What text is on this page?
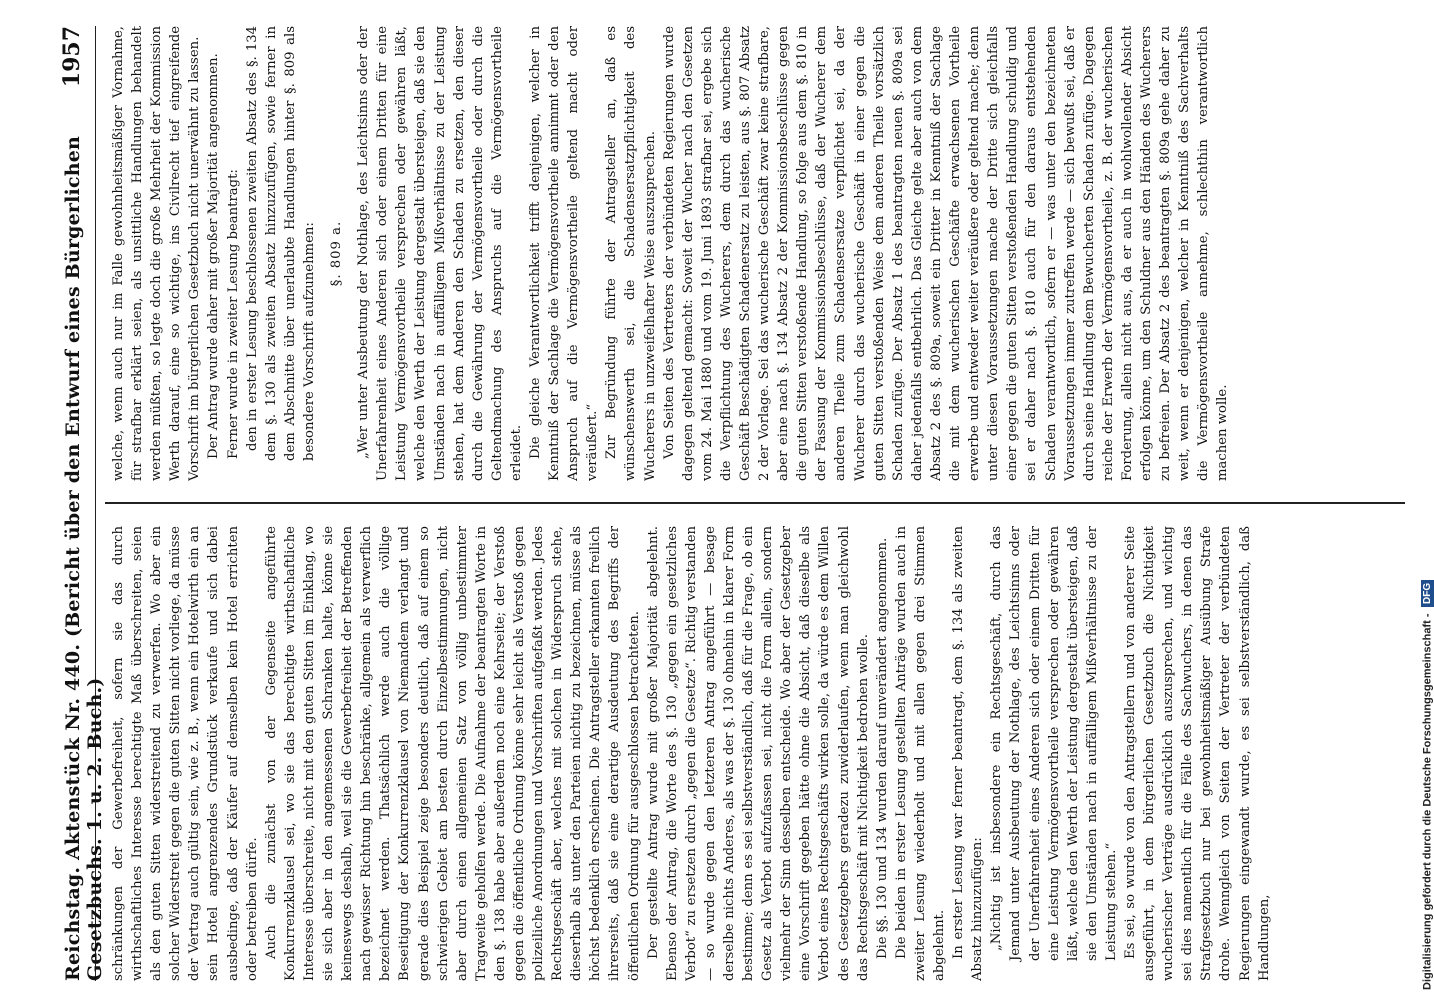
Reichstag. Aktenstück Nr. 440. (Bericht über den Entwurf eines Bürgerlichen Gesetzbuchs. 1. u. 2. Buch.)
1957

schränkungen der Gewerbefreiheit, sofern sie das durch wirthschaftliches Interesse berechtigte Maß überschreiten, seien als den guten Sitten widerstreitend zu verwerfen. Wo aber ein solcher Widerstreit gegen die guten Sitten nicht vorliege, da müsse der Vertrag auch gültig sein, wie z. B., wenn ein Hotelwirth ein an sein Hotel angrenzendes Grundstück verkaufe und sich dabei ausbedinge, daß der Käufer auf demselben kein Hotel errichten oder betreiben dürfe. Auch die zunächst von der Gegenseite angeführte Konkurrenzklausel sei, wo sie das berechtigte wirthschaftliche Interesse überschreite, nicht mit den guten Sitten im Einklang, wo sie sich aber in den angemessenen Schranken halte, könne sie keineswegs deshalb, weil sie die Gewerbefreiheit der Betreffenden nach gewisser Richtung hin beschränke, allgemein als verwerflich bezeichnet werden. Thatsächlich werde auch die völlige Beseitigung der Konkurrenzklausel von Niemandem verlangt und gerade dies Beispiel zeige besonders deutlich, daß auf einem so schwierigen Gebiet am besten durch Einzelbestimmungen, nicht aber durch einen allgemeinen Satz von völlig unbestimmter Tragweite geholfen werde. Die Aufnahme der beantragten Worte in den §. 138 habe aber außerdem noch eine Kehrseite; der Verstoß gegen die öffentliche Ordnung könne sehr leicht als Verstoß gegen polizeiliche Anordnungen und Vorschriften aufgefaßt werden. Jedes Rechtsgeschäft aber, welches mit solchen in Widerspruch stehe, dieserhalb als unter den Parteien nichtig zu bezeichnen, müsse als höchst bedenklich erscheinen. Die Antragsteller erkannten freilich ihrerseits, daß sie eine derartige Ausdeutung des Begriffs der öffentlichen Ordnung für ausgeschlossen betrachteten. Der gestellte Antrag wurde mit großer Majorität abgelehnt. Ebenso der Antrag, die Worte des §. 130 „gegen ein gesetzliches Verbot“ zu ersetzen durch „gegen die Gesetze“. Richtig verstanden — so wurde gegen den letzteren Antrag angeführt — besage derselbe nichts Anderes, als was der §. 130 ohnehin in klarer Form bestimme; denn es sei selbstverständlich, daß für die Frage, ob ein Gesetz als Verbot aufzufassen sei, nicht die Form allein, sondern vielmehr der Sinn desselben entscheide. Wo aber der Gesetzgeber eine Vorschrift gegeben hätte ohne die Absicht, daß dieselbe als Verbot eines Rechtsgeschäfts wirken solle, da würde es dem Willen des Gesetzgebers geradezu zuwiderlaufen, wenn man gleichwohl das Rechtsgeschäft mit Nichtigkeit bedrohen wolle. Die §§. 130 und 134 wurden darauf unverändert angenommen. Die beiden in erster Lesung gestellten Anträge wurden auch in zweiter Lesung wiederholt und mit allen gegen drei Stimmen abgelehnt. In erster Lesung war ferner beantragt, dem §. 134 als zweiten Absatz hinzuzufügen: „Nichtig ist insbesondere ein Rechtsgeschäft, durch das Jemand unter Ausbeutung der Nothlage, des Leichtsinns oder der Unerfahrenheit eines Anderen sich oder einem Dritten für eine Leistung Vermögensvortheile versprechen oder gewähren läßt, welche den Werth der Leistung dergestalt übersteigen, daß sie den Umständen nach in auffälligem Mißverhältnisse zu der Leistung stehen.“ Es sei, so wurde von den Antragstellern und von anderer Seite ausgeführt, in dem bürgerlichen Gesetzbuch die Nichtigkeit wucherischer Verträge ausdrücklich auszusprechen, und wichtig sei dies namentlich für die Fälle des Sachwuchers, in denen das Strafgesetzbuch nur bei gewohnheitsmäßiger Ausübung Strafe drohe. Wenngleich von Seiten der Vertreter der verbündeten Regierungen eingewandt wurde, es sei selbstverständlich, daß Handlungen,

welche, wenn auch nur im Falle gewohnheitsmäßiger Vornahme, für strafbar erklärt seien, als unsittliche Handlungen behandelt werden müßten, so legte doch die große Mehrheit der Kommission Werth darauf, eine so wichtige, ins Civilrecht tief eingreifende Vorschrift im bürgerlichen Gesetzbuch nicht unerwähnt zu lassen. Der Antrag wurde daher mit großer Majorität angenommen. Ferner wurde in zweiter Lesung beantragt: den in erster Lesung beschlossenen zweiten Absatz des §. 134 dem §. 130 als zweiten Absatz hinzuzufügen, sowie ferner in dem Abschnitte über unerlaubte Handlungen hinter §. 809 als besondere Vorschrift aufzunehmen: §. 809 a. „Wer unter Ausbeutung der Nothlage, des Leichtsinns oder der Unerfahrenheit eines Anderen sich oder einem Dritten für eine Leistung Vermögensvortheile versprechen oder gewähren läßt, welche den Werth der Leistung dergestalt übersteigen, daß sie den Umständen nach in auffälligem Mißverhältnisse zu der Leistung stehen, hat dem Anderen den Schaden zu ersetzen, den dieser durch die Gewährung der Vermögensvortheile oder durch die Geltendmachung des Anspruchs auf die Vermögensvortheile erleidet. Die gleiche Verantwortlichkeit trifft denjenigen, welcher in Kenntniß der Sachlage die Vermögensvortheile annimmt oder den Anspruch auf die Vermögensvortheile geltend macht oder veräußert.“ Zur Begründung führte der Antragsteller an, daß es wünschenswerth sei, die Schadensersatzpflichtigkeit des Wucherers in unzweifelhafter Weise auszusprechen. Von Seiten des Vertreters der verbündeten Regierungen wurde dagegen geltend gemacht: Soweit der Wucher nach den Gesetzen vom 24. Mai 1880 und vom 19. Juni 1893 strafbar sei, ergebe sich die Verpflichtung des Wucherers, dem durch das wucherische Geschäft Beschädigten Schadenersatz zu leisten, aus §. 807 Absatz 2 der Vorlage. Sei das wucherische Geschäft zwar keine strafbare, aber eine nach §. 134 Absatz 2 der Kommissionsbeschlüsse gegen die guten Sitten verstoßende Handlung, so folge aus dem §. 810 in der Fassung der Kommissionsbeschlüsse, daß der Wucherer dem anderen Theile zum Schadensersatze verpflichtet sei, da der Wucherer durch das wucherische Geschäft in einer gegen die guten Sitten verstoßenden Weise dem anderen Theile vorsätzlich Schaden zufüge. Der Absatz 1 des beantragten neuen §. 809a sei daher jedenfalls entbehrlich. Das Gleiche gelte aber auch von dem Absatz 2 des §. 809a, soweit ein Dritter in Kenntniß der Sachlage die mit dem wucherischen Geschäfte erwachsenen Vortheile erwerbe und entweder weiter veräußere oder geltend mache; denn unter diesen Voraussetzungen mache der Dritte sich gleichfalls einer gegen die guten Sitten verstoßenden Handlung schuldig und sei er daher nach §. 810 auch für den daraus entstehenden Schaden verantwortlich, sofern er — was unter den bezeichneten Voraussetzungen immer zutreffen werde — sich bewußt sei, daß er durch seine Handlung dem Bewucherten Schaden zufüge. Dagegen reiche der Erwerb der Vermögensvortheile, z. B. der wucherischen Forderung, allein nicht aus, da er auch in wohlwollender Absicht erfolgen könne, um den Schuldner aus den Händen des Wucherers zu befreien. Der Absatz 2 des beantragten §. 809a gehe daher zu weit, wenn er denjenigen, welcher in Kenntniß des Sachverhalts die Vermögensvortheile annehme, schlechthin verantwortlich machen wolle.

Digitalisierung gefördert durch die Deutsche Forschungsgemeinschaft -
DFG
